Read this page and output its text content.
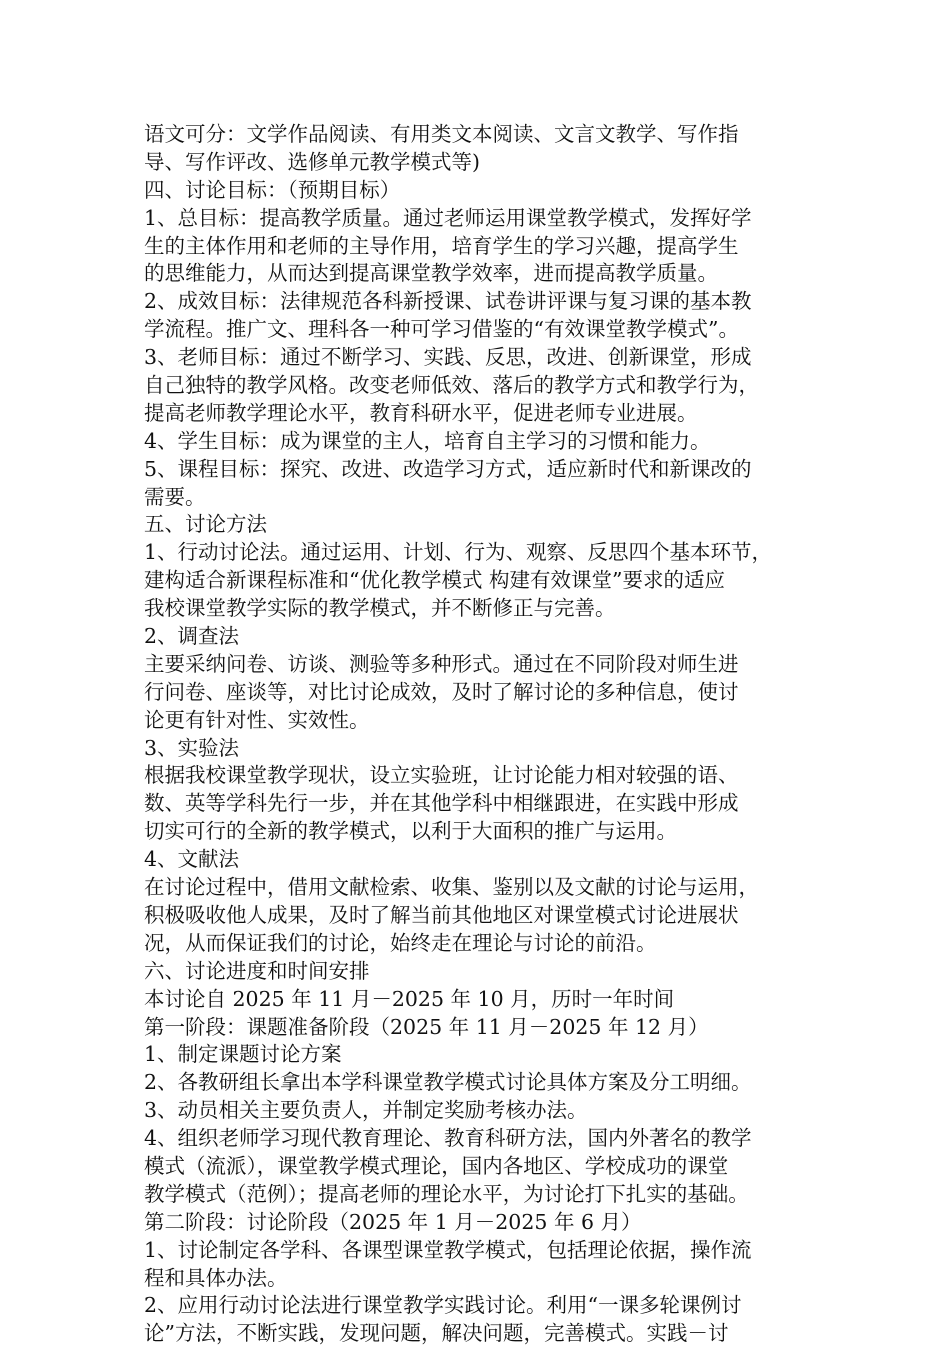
语文可分：文学作品阅读、有用类文本阅读、文言文教学、写作指
导、写作评改、选修单元教学模式等)
四、讨论目标：（预期目标）
1、总目标：提高教学质量。通过老师运用课堂教学模式，发挥好学
生的主体作用和老师的主导作用，培育学生的学习兴趣，提高学生
的思维能力，从而达到提高课堂教学效率，进而提高教学质量。
2、成效目标：法律规范各科新授课、试卷讲评课与复习课的基本教
学流程。推广文、理科各一种可学习借鉴的“有效课堂教学模式”。
3、老师目标：通过不断学习、实践、反思，改进、创新课堂，形成
自己独特的教学风格。改变老师低效、落后的教学方式和教学行为，
提高老师教学理论水平，教育科研水平，促进老师专业进展。
4、学生目标：成为课堂的主人，培育自主学习的习惯和能力。
5、课程目标：探究、改进、改造学习方式，适应新时代和新课改的
需要。
五、讨论方法
1、行动讨论法。通过运用、计划、行为、观察、反思四个基本环节，
建构适合新课程标准和“优化教学模式 构建有效课堂”要求的适应
我校课堂教学实际的教学模式，并不断修正与完善。
2、调查法
主要采纳问卷、访谈、测验等多种形式。通过在不同阶段对师生进
行问卷、座谈等，对比讨论成效，及时了解讨论的多种信息，使讨
论更有针对性、实效性。
3、实验法
根据我校课堂教学现状，设立实验班，让讨论能力相对较强的语、
数、英等学科先行一步，并在其他学科中相继跟进，在实践中形成
切实可行的全新的教学模式，以利于大面积的推广与运用。
4、文献法
在讨论过程中，借用文献检索、收集、鉴别以及文献的讨论与运用，
积极吸收他人成果，及时了解当前其他地区对课堂模式讨论进展状
况，从而保证我们的讨论，始终走在理论与讨论的前沿。
六、讨论进度和时间安排
本讨论自 2025 年 11 月－2025 年 10 月，历时一年时间
第一阶段：课题准备阶段（2025 年 11 月－2025 年 12 月）
1、制定课题讨论方案
2、各教研组长拿出本学科课堂教学模式讨论具体方案及分工明细。
3、动员相关主要负责人，并制定奖励考核办法。
4、组织老师学习现代教育理论、教育科研方法，国内外著名的教学
模式（流派），课堂教学模式理论，国内各地区、学校成功的课堂
教学模式（范例）；提高老师的理论水平，为讨论打下扎实的基础。
第二阶段：讨论阶段（2025 年 1 月－2025 年 6 月）
1、讨论制定各学科、各课型课堂教学模式，包括理论依据，操作流
程和具体办法。
2、应用行动讨论法进行课堂教学实践讨论。利用“一课多轮课例讨
论”方法，不断实践，发现问题，解决问题，完善模式。实践－讨
